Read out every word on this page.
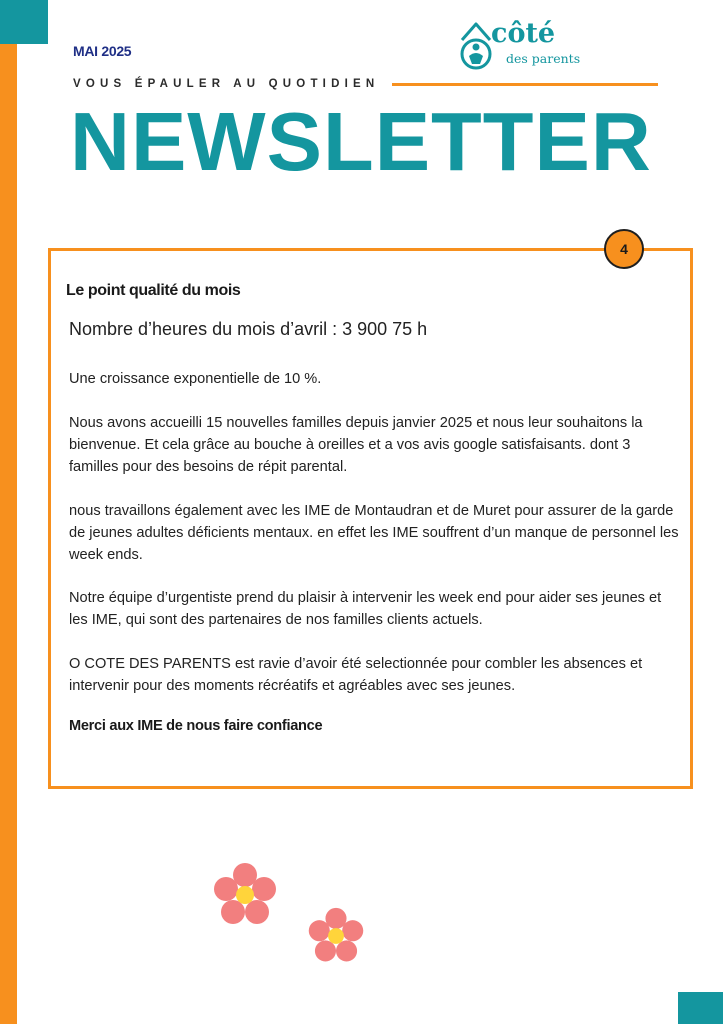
MAI 2025
VOUS ÉPAULER AU QUOTIDIEN
côté
des parents
NEWSLETTER
4
Le point qualité du mois
Nombre d’heures du mois d’avril : 3 900 75 h
Une croissance exponentielle de 10 %.
Nous avons accueilli 15 nouvelles familles depuis janvier 2025 et nous leur souhaitons la bienvenue. Et cela grâce au bouche à oreilles et a vos avis google satisfaisants. dont 3 familles pour des besoins de répit parental.
nous travaillons également avec les IME de Montaudran et de Muret pour assurer de la garde de jeunes adultes déficients mentaux. en effet les IME souffrent d’un manque de personnel les week ends.
Notre équipe d’urgentiste prend du plaisir à intervenir les week end pour aider ses jeunes et les IME, qui sont des partenaires de nos familles clients actuels.
O COTE DES PARENTS est ravie d’avoir été selectionnée pour combler les absences et intervenir pour des moments récréatifs et agréables avec ses jeunes.
Merci aux IME de nous faire confiance
